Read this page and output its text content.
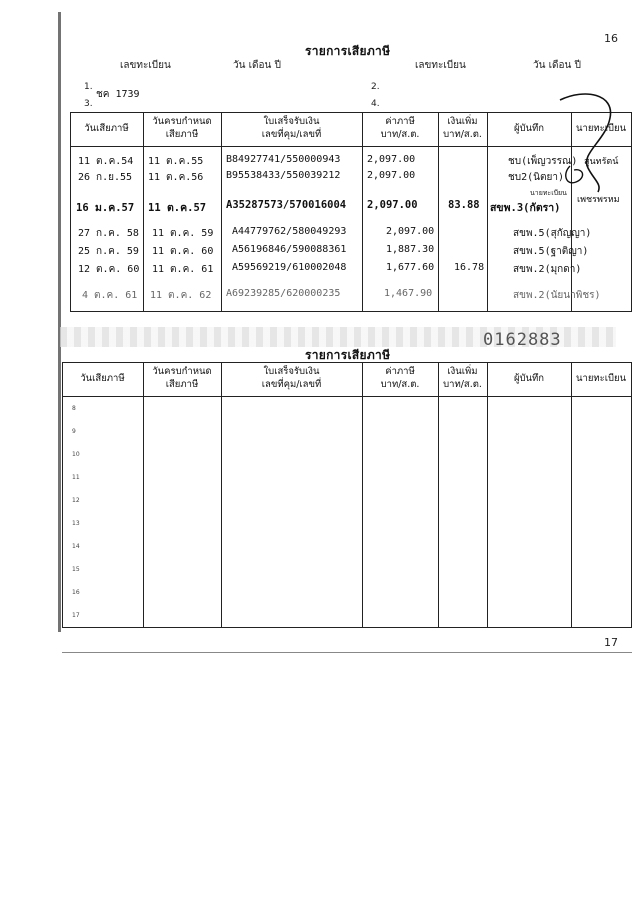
16
รายการเสียภาษี
เลขทะเบียน	วัน เดือน ปี	เลขทะเบียน	วัน เดือน ปี
1.
ชค 1739
2.
3.	4.
วันเสียภาษี
วันครบกำหนด
เสียภาษี
ใบเสร็จรับเงิน
เลขที่คุม/เลขที่
ค่าภาษี
บาท/ส.ต.
เงินเพิ่ม
บาท/ส.ต.
ผู้บันทึก	นายทะเบียน
11 ต.ค.54 11 ต.ค.55 B84927741/550000943	2,097.00	ชบ(เพ็ญวรรณ) สุนทรัตน์
26 ก.ย.55 11 ต.ค.56 B95538433/550039212	2,097.00	ชบ2(นิตยา)
นายทะเบียน
16 ม.ค.57 11 ต.ค.57 A35287573/570016004 2,097.00	83.88 สขพ.3(กัตรา)
เพชรพรหม
27 ก.ค. 58 11 ต.ค. 59 A44779762/580049293	2,097.00	สขพ.5(สุกัญญา)
25 ก.ค. 59 11 ต.ค. 60 A56196846/590088361	1,887.30	สขพ.5(ฐาติญา)
12 ต.ค. 60 11 ต.ค. 61 A59569219/610002048	1,677.60 16.78	สขพ.2(มุกดา)
4 ต.ค. 61 11 ต.ค. 62 A69239285/620000235	1,467.90	สขพ.2(นัยนาพิชร)
0162883
รายการเสียภาษี
วันเสียภาษี
วันครบกำหนด
เสียภาษี
ใบเสร็จรับเงิน
เลขที่คุม/เลขที่
ค่าภาษี
บาท/ส.ต.
เงินเพิ่ม
บาท/ส.ต.
ผู้บันทึก	นายทะเบียน
8
9
10
11
12
13
14
15
16
17
17
